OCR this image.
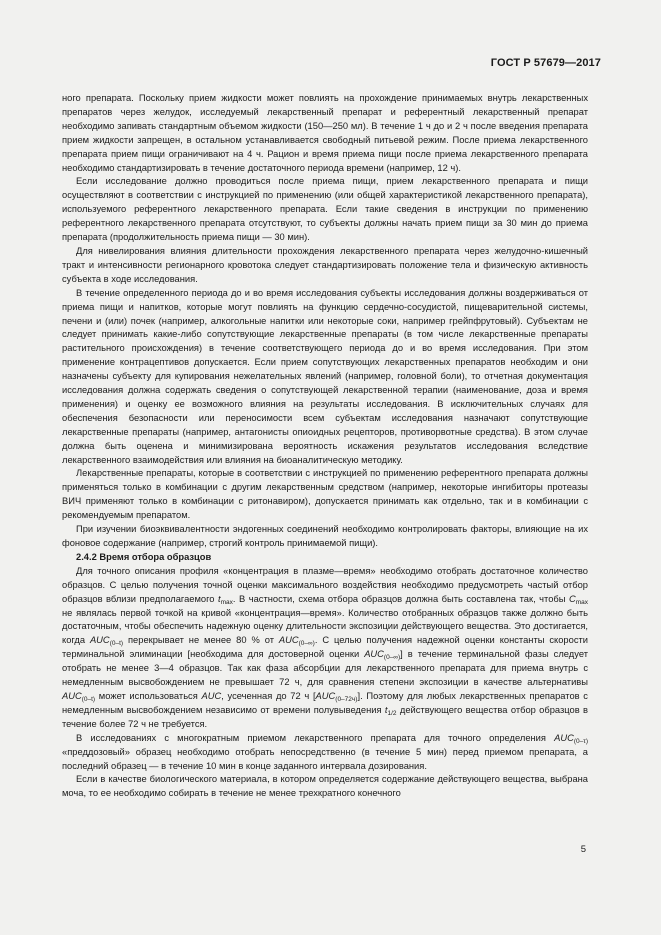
ГОСТ Р 57679—2017

ного препарата. Поскольку прием жидкости может повлиять на прохождение принимаемых внутрь лекарственных препаратов через желудок, исследуемый лекарственный препарат и референтный лекарственный препарат необходимо запивать стандартным объемом жидкости (150—250 мл). В течение 1 ч до и 2 ч после введения препарата прием жидкости запрещен, в остальном устанавливается свободный питьевой режим. После приема лекарственного препарата прием пищи ограничивают на 4 ч. Рацион и время приема пищи после приема лекарственного препарата необходимо стандартизировать в течение достаточного периода времени (например, 12 ч).

Если исследование должно проводиться после приема пищи, прием лекарственного препарата и пищи осуществляют в соответствии с инструкцией по применению (или общей характеристикой лекарственного препарата), используемого референтного лекарственного препарата. Если такие сведения в инструкции по применению референтного лекарственного препарата отсутствуют, то субъекты должны начать прием пищи за 30 мин до приема препарата (продолжительность приема пищи — 30 мин).

Для нивелирования влияния длительности прохождения лекарственного препарата через желудочно-кишечный тракт и интенсивности регионарного кровотока следует стандартизировать положение тела и физическую активность субъекта в ходе исследования.

В течение определенного периода до и во время исследования субъекты исследования должны воздерживаться от приема пищи и напитков, которые могут повлиять на функцию сердечно-сосудистой, пищеварительной системы, печени и (или) почек (например, алкогольные напитки или некоторые соки, например грейпфрутовый). Субъектам не следует принимать какие-либо сопутствующие лекарственные препараты (в том числе лекарственные препараты растительного происхождения) в течение соответствующего периода до и во время исследования. При этом применение контрацептивов допускается. Если прием сопутствующих лекарственных препаратов необходим и они назначены субъекту для купирования нежелательных явлений (например, головной боли), то отчетная документация исследования должна содержать сведения о сопутствующей лекарственной терапии (наименование, доза и время применения) и оценку ее возможного влияния на результаты исследования. В исключительных случаях для обеспечения безопасности или переносимости всем субъектам исследования назначают сопутствующие лекарственные препараты (например, антагонисты опиоидных рецепторов, противорвотные средства). В этом случае должна быть оценена и минимизирована вероятность искажения результатов исследования вследствие лекарственного взаимодействия или влияния на биоаналитическую методику.

Лекарственные препараты, которые в соответствии с инструкцией по применению референтного препарата должны применяться только в комбинации с другим лекарственным средством (например, некоторые ингибиторы протеазы ВИЧ применяют только в комбинации с ритонавиром), допускается принимать как отдельно, так и в комбинации с рекомендуемым препаратом.

При изучении биоэквивалентности эндогенных соединений необходимо контролировать факторы, влияющие на их фоновое содержание (например, строгий контроль принимаемой пищи).

2.4.2 Время отбора образцов

Для точного описания профиля «концентрация в плазме—время» необходимо отобрать достаточное количество образцов. С целью получения точной оценки максимального воздействия необходимо предусмотреть частый отбор образцов вблизи предполагаемого $t_{max}$. В частности, схема отбора образцов должна быть составлена так, чтобы $C_{max}$ не являлась первой точкой на кривой «концентрация—время». Количество отобранных образцов также должно быть достаточным, чтобы обеспечить надежную оценку длительности экспозиции действующего вещества. Это достигается, когда $AUC_{(0-t)}$ перекрывает не менее 80 % от $AUC_{(0-\infty)}$. С целью получения надежной оценки константы скорости терминальной элиминации [необходима для достоверной оценки $AUC_{(0-\infty)}$] в течение терминальной фазы следует отобрать не менее 3—4 образцов. Так как фаза абсорбции для лекарственного препарата для приема внутрь с немедленным высвобождением не превышает 72 ч, для сравнения степени экспозиции в качестве альтернативы $AUC_{(0-t)}$ может использоваться AUC, усеченная до 72 ч $[AUC_{(0-72ч)}]$. Поэтому для любых лекарственных препаратов с немедленным высвобождением независимо от времени полувыведения $t_{1/2}$ действующего вещества отбор образцов в течение более 72 ч не требуется.

В исследованиях с многократным приемом лекарственного препарата для точного определения $AUC_{(0-\tau)}$ «преддозовый» образец необходимо отобрать непосредственно (в течение 5 мин) перед приемом препарата, а последний образец — в течение 10 мин в конце заданного интервала дозирования.

Если в качестве биологического материала, в котором определяется содержание действующего вещества, выбрана моча, то ее необходимо собирать в течение не менее трехкратного конечного

5
